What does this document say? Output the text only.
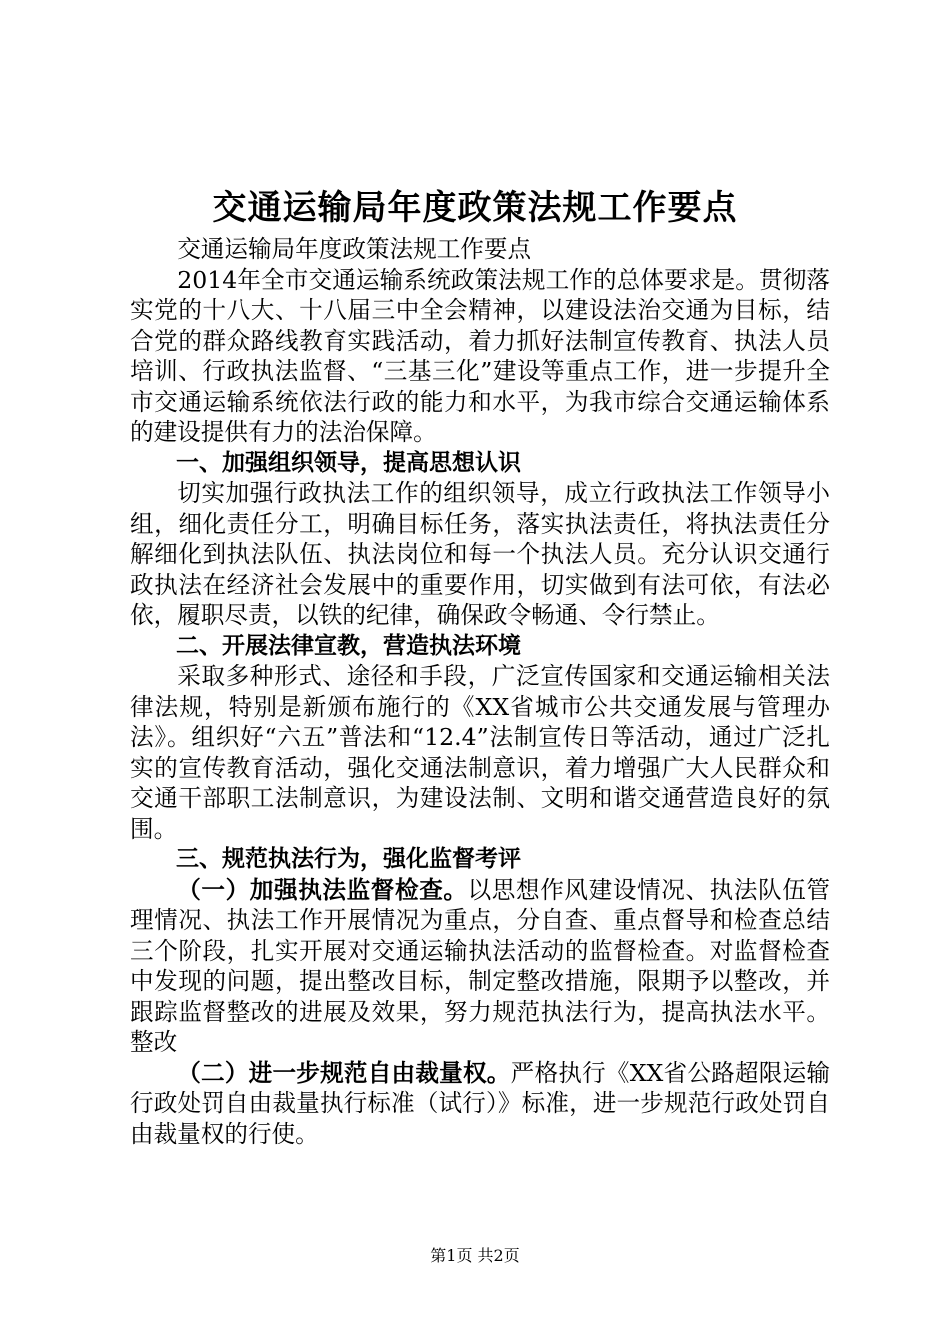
交通运输局年度政策法规工作要点

交通运输局年度政策法规工作要点

2014年全市交通运输系统政策法规工作的总体要求是。贯彻落实党的十八大、十八届三中全会精神，以建设法治交通为目标，结合党的群众路线教育实践活动，着力抓好法制宣传教育、执法人员培训、行政执法监督、“三基三化”建设等重点工作，进一步提升全市交通运输系统依法行政的能力和水平，为我市综合交通运输体系的建设提供有力的法治保障。

一、加强组织领导，提高思想认识

切实加强行政执法工作的组织领导，成立行政执法工作领导小组，细化责任分工，明确目标任务，落实执法责任，将执法责任分解细化到执法队伍、执法岗位和每一个执法人员。充分认识交通行政执法在经济社会发展中的重要作用，切实做到有法可依，有法必依，履职尽责，以铁的纪律，确保政令畅通、令行禁止。

二、开展法律宣教，营造执法环境

采取多种形式、途径和手段，广泛宣传国家和交通运输相关法律法规，特别是新颁布施行的《XX省城市公共交通发展与管理办法》。组织好“六五”普法和“12.4”法制宣传日等活动，通过广泛扎实的宣传教育活动，强化交通法制意识，着力增强广大人民群众和交通干部职工法制意识，为建设法制、文明和谐交通营造良好的氛围。

三、规范执法行为，强化监督考评

（一）加强执法监督检查。以思想作风建设情况、执法队伍管理情况、执法工作开展情况为重点，分自查、重点督导和检查总结三个阶段，扎实开展对交通运输执法活动的监督检查。对监督检查中发现的问题，提出整改目标，制定整改措施，限期予以整改，并跟踪监督整改的进展及效果，努力规范执法行为，提高执法水平。整改

（二）进一步规范自由裁量权。严格执行《XX省公路超限运输行政处罚自由裁量执行标准（试行）》标准，进一步规范行政处罚自由裁量权的行使。

第1页 共2页
